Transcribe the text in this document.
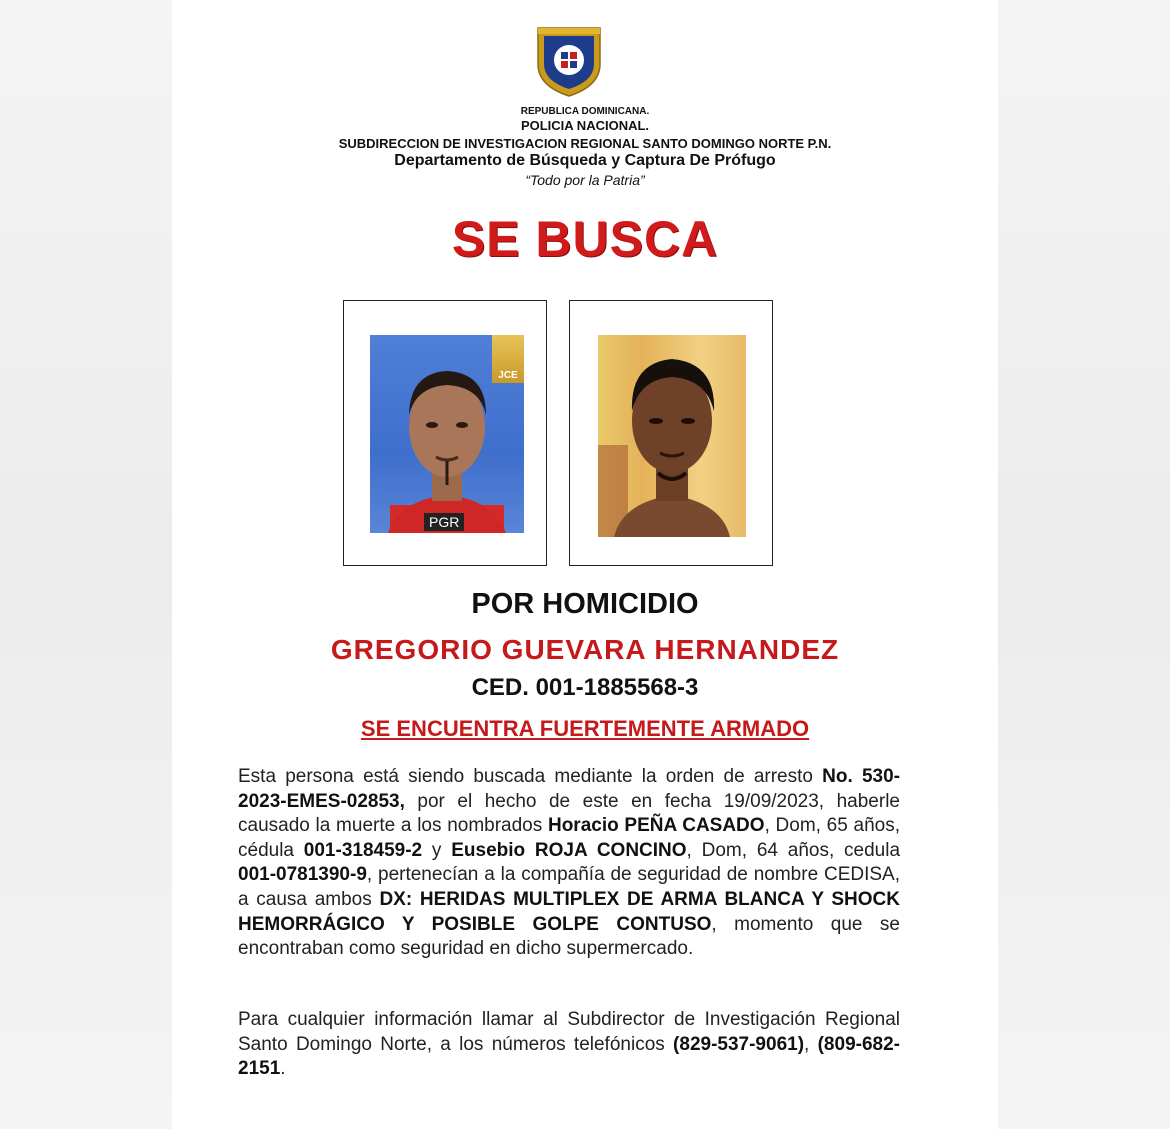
REPUBLICA DOMINICANA.
POLICIA NACIONAL.
SUBDIRECCION DE INVESTIGACION REGIONAL SANTO DOMINGO NORTE P.N.
Departamento de Búsqueda y Captura De Prófugo
“Todo por la Patria”
SE BUSCA
JCE
PGR
POR HOMICIDIO
GREGORIO GUEVARA HERNANDEZ
CED. 001-1885568-3
SE ENCUENTRA FUERTEMENTE ARMADO
Esta persona está siendo buscada mediante la orden de arresto No. 530-2023-EMES-02853, por el hecho de este en fecha 19/09/2023, haberle causado la muerte a los nombrados Horacio PEÑA CASADO, Dom, 65 años, cédula 001-318459-2 y Eusebio ROJA CONCINO, Dom, 64 años, cedula 001-0781390-9, pertenecían a la compañía de seguridad de nombre CEDISA, a causa ambos DX: HERIDAS MULTIPLEX DE ARMA BLANCA Y SHOCK HEMORRÁGICO Y POSIBLE GOLPE CONTUSO, momento que se encontraban como seguridad en dicho supermercado.
Para cualquier información llamar al Subdirector de Investigación Regional Santo Domingo Norte, a los números telefónicos (829-537-9061), (809-682-2151.
